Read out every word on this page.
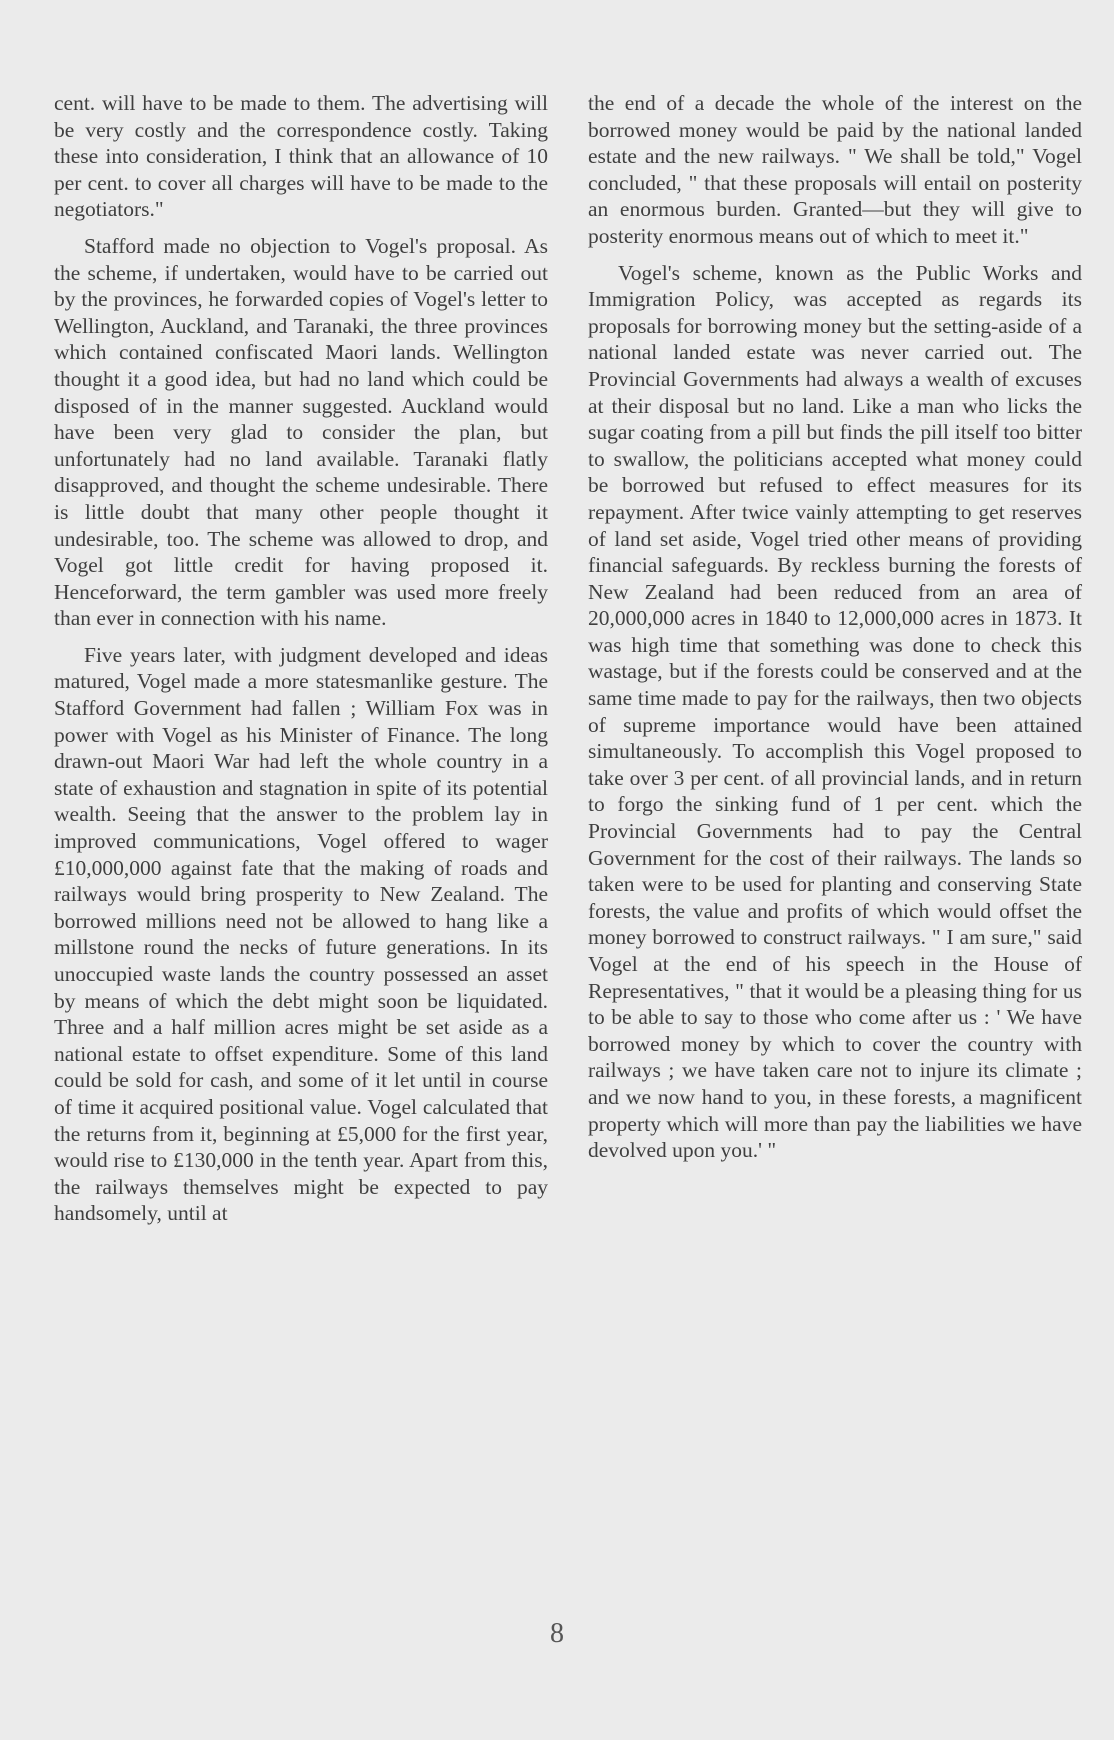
cent. will have to be made to them. The advertising will be very costly and the correspondence costly. Taking these into consideration, I think that an allowance of 10 per cent. to cover all charges will have to be made to the negotiators."

Stafford made no objection to Vogel's proposal. As the scheme, if undertaken, would have to be carried out by the provinces, he forwarded copies of Vogel's letter to Wellington, Auckland, and Taranaki, the three provinces which contained confiscated Maori lands. Wellington thought it a good idea, but had no land which could be disposed of in the manner suggested. Auckland would have been very glad to consider the plan, but unfortunately had no land available. Taranaki flatly disapproved, and thought the scheme undesirable. There is little doubt that many other people thought it undesirable, too. The scheme was allowed to drop, and Vogel got little credit for having proposed it. Henceforward, the term gambler was used more freely than ever in connection with his name.

Five years later, with judgment developed and ideas matured, Vogel made a more statesmanlike gesture. The Stafford Government had fallen ; William Fox was in power with Vogel as his Minister of Finance. The long drawn-out Maori War had left the whole country in a state of exhaustion and stagnation in spite of its potential wealth. Seeing that the answer to the problem lay in improved communications, Vogel offered to wager £10,000,000 against fate that the making of roads and railways would bring prosperity to New Zealand. The borrowed millions need not be allowed to hang like a millstone round the necks of future generations. In its unoccupied waste lands the country possessed an asset by means of which the debt might soon be liquidated. Three and a half million acres might be set aside as a national estate to offset expenditure. Some of this land could be sold for cash, and some of it let until in course of time it acquired positional value. Vogel calculated that the returns from it, beginning at £5,000 for the first year, would rise to £130,000 in the tenth year. Apart from this, the railways themselves might be expected to pay handsomely, until at

the end of a decade the whole of the interest on the borrowed money would be paid by the national landed estate and the new railways. " We shall be told," Vogel concluded, " that these proposals will entail on posterity an enormous burden. Granted—but they will give to posterity enormous means out of which to meet it."

Vogel's scheme, known as the Public Works and Immigration Policy, was accepted as regards its proposals for borrowing money but the setting-aside of a national landed estate was never carried out. The Provincial Governments had always a wealth of excuses at their disposal but no land. Like a man who licks the sugar coating from a pill but finds the pill itself too bitter to swallow, the politicians accepted what money could be borrowed but refused to effect measures for its repayment. After twice vainly attempting to get reserves of land set aside, Vogel tried other means of providing financial safeguards. By reckless burning the forests of New Zealand had been reduced from an area of 20,000,000 acres in 1840 to 12,000,000 acres in 1873. It was high time that something was done to check this wastage, but if the forests could be conserved and at the same time made to pay for the railways, then two objects of supreme importance would have been attained simultaneously. To accomplish this Vogel proposed to take over 3 per cent. of all provincial lands, and in return to forgo the sinking fund of 1 per cent. which the Provincial Governments had to pay the Central Government for the cost of their railways. The lands so taken were to be used for planting and conserving State forests, the value and profits of which would offset the money borrowed to construct railways. " I am sure," said Vogel at the end of his speech in the House of Representatives, " that it would be a pleasing thing for us to be able to say to those who come after us : ' We have borrowed money by which to cover the country with railways ; we have taken care not to injure its climate ; and we now hand to you, in these forests, a magnificent property which will more than pay the liabilities we have devolved upon you.' "

8
